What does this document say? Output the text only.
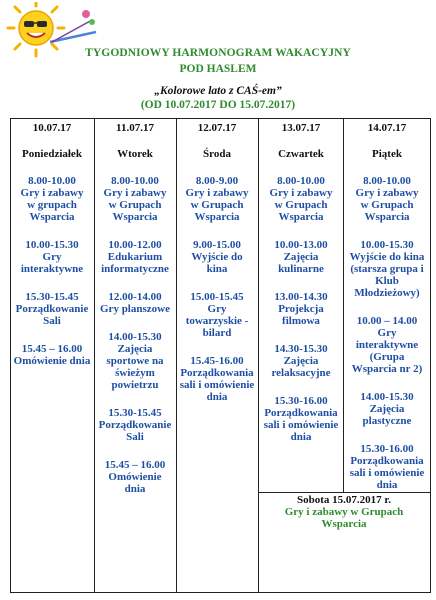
TYGODNIOWY HARMONOGRAM WAKACYJNY
POD HASLEM
„Kolorowe lato z CAŚ-em”
(OD 10.07.2017 DO 15.07.2017)
10.07.17
Poniedziałek
8.00-10.00
Gry i zabawy
w grupach
Wsparcia
10.00-15.30
Gry
interaktywne
15.30-15.45
Porządkowanie
Sali
15.45 – 16.00
Omówienie dnia
11.07.17
Wtorek
8.00-10.00
Gry i zabawy
w Grupach
Wsparcia
10.00-12.00
Edukarium
informatyczne
12.00-14.00
Gry planszowe
14.00-15.30
Zajęcia
sportowe na
świeżym
powietrzu
15.30-15.45
Porządkowanie
Sali
15.45 – 16.00
Omówienie
dnia
12.07.17
Środa
8.00-9.00
Gry i zabawy
w Grupach
Wsparcia
9.00-15.00
Wyjście do
kina
15.00-15.45
Gry
towarzyskie -
bilard
15.45-16.00
Porządkowania
sali i omówienie
dnia
13.07.17
Czwartek
8.00-10.00
Gry i zabawy
w Grupach
Wsparcia
10.00-13.00
Zajęcia
kulinarne
13.00-14.30
Projekcja
filmowa
14.30-15.30
Zajęcia
relaksacyjne
15.30-16.00
Porządkowania
sali i omówienie
dnia
14.07.17
Piątek
8.00-10.00
Gry i zabawy
w Grupach
Wsparcia
10.00-15.30
Wyjście do kina
(starsza grupa i
Klub
Młodzieżowy)
10.00 – 14.00
Gry
interaktywne
(Grupa
Wsparcia nr 2)
14.00-15.30
Zajęcia
plastyczne
15.30-16.00
Porządkowania
sali i omówienie
dnia
Sobota 15.07.2017 r.
Gry i zabawy w Grupach
Wsparcia
